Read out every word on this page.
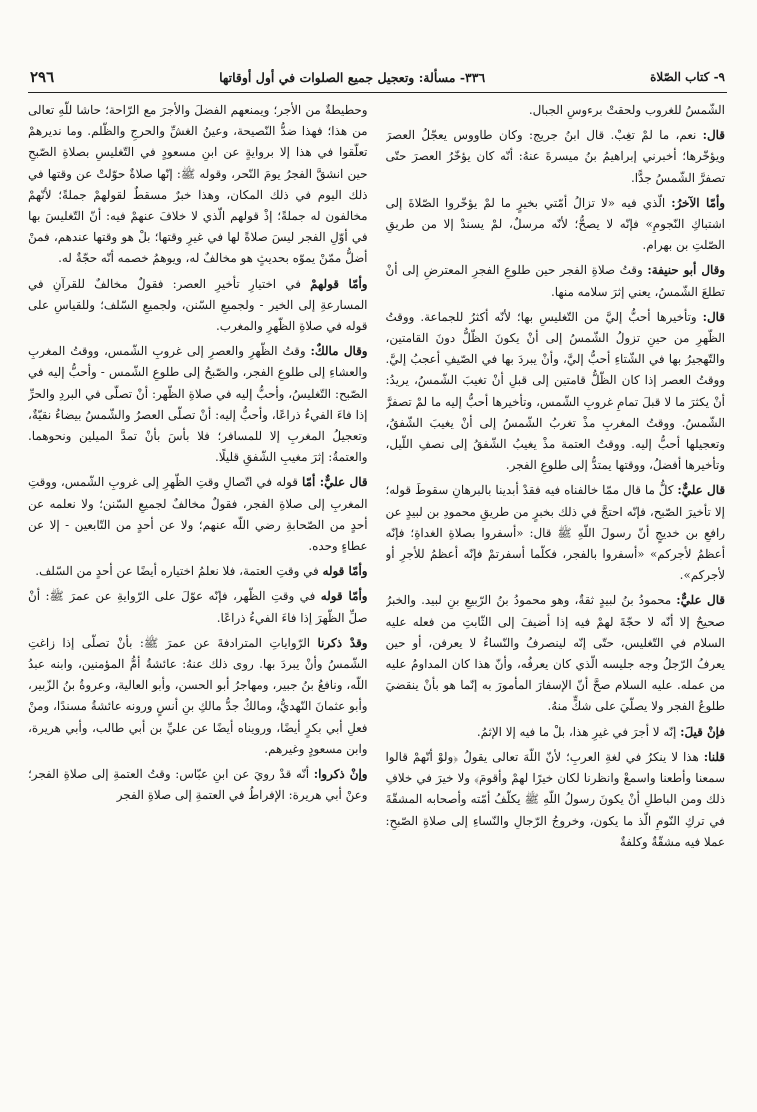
٩- كتاب الصّلاة
٣٣٦- مسألة: وتعجيل جميع الصلوات في أول أوقاتها
٢٩٦

الشّمسُ للغروب ولحقتْ برءوسِ الجبال.

قال: نعم، ما لمْ تغِبْ. قال ابنُ جريج: وكان طاووس يعجّلُ العصرَ ويؤخّرها؛ أخبرني إبراهيمُ بنُ ميسرةَ عنهُ: أنّه كان يؤخّرُ العصرَ حتّى تصفرَّ الشّمسُ جدًّا.

وأمّا الآخرُ: الّذي فيه «لا تزالُ أمّتي بخيرٍ ما لمْ يؤخّروا الصّلاةَ إلى اشتباكِ النّجومِ» فإنّه لا يصحُّ؛ لأنّه مرسلٌ، لمْ يسندْ إلا من طريقِ الصّلتِ بن بهرام.

وقال أبو حنيفة: وقتُ صلاةِ الفجر حين طلوعِ الفجرِ المعترضِ إلى أنْ تطلعَ الشّمسُ، يعني إثرَ سلامه منها.

قال: وتأخيرها أحبُّ إليَّ من التّغليسِ بها؛ لأنّه أكثرُ للجماعة. ووقتُ الظّهرِ من حينِ تزولُ الشّمسُ إلى أنْ يكونَ الظّلُّ دونَ القامتين، والتّهجيرُ بها في الشّتاءِ أحبُّ إليَّ، وأنْ يبردَ بها في الصّيفِ أعجبُ إليَّ. ووقتُ العصر إذا كان الظّلُّ قامتين إلى قبلِ أنْ تغيبَ الشّمسُ، يريدُ: أنْ يكثرَ ما لا قبلَ تمامِ غروبِ الشّمس، وتأخيرها أحبُّ إليه ما لمْ تصفرَّ الشّمسُ. ووقتُ المغربِ مذْ تغربُ الشّمسُ إلى أنْ يغيبَ الشّفقُ، وتعجيلها أحبُّ إليه. ووقتُ العتمة مذْ يغيبُ الشّفقُ إلى نصفِ اللّيل، وتأخيرها أفضلُ، ووقتها يمتدُّ إلى طلوعِ الفجر.

قال عليٌّ: كلُّ ما قال ممّا خالفناه فيه فقدْ أبدينا بالبرهانِ سقوطَ قوله؛ إلا تأخيرَ الصّبح، فإنّه احتجَّ في ذلك بخبرٍ من طريقِ محمودِ بن لبيدٍ عن رافعِ بن خديجٍ أنّ رسولَ اللّهِ ﷺ قال: «أسفروا بصلاةِ الغداةِ؛ فإنّه أعظمُ لأجركم» «أسفروا بالفجر، فكلّما أسفرتمْ فإنّه أعظمُ للأجرِ أو لأجركم».

قال عليٌّ: محمودُ بنُ لبيدٍ ثقةٌ، وهو محمودُ بنُ الرّبيعِ بنِ لبيد. والخبرُ صحيحٌ إلا أنّه لا حجّةَ لهمْ فيه إذا أضيفَ إلى الثّابتِ من فعله عليه السلام في التّغليس، حتّى إنّه لينصرفُ والنّساءُ لا يعرفن، أو حين يعرفُ الرّجلُ وجه جليسه الّذي كان يعرفُه، وأنّ هذا كان المداومُ عليه من عمله. عليه السلام صحَّ أنّ الإسفارَ المأمورَ به إنّما هو بأنْ ينقضيَ طلوعُ الفجر ولا يصلّيَ على شكٍّ منهُ.

فإنْ قيلَ: إنّه لا أجرَ في غيرِ هذا، بلْ ما فيه إلا الإثمُ.

قلنا: هذا لا ينكرُ في لغةِ العربِ؛ لأنّ اللّهَ تعالى يقولُ ﴿ولوْ أنّهمْ قالوا سمعنا وأطعنا واسمعْ وانظرنا لكان خيرًا لهمْ وأقومَ﴾ ولا خيرَ في خلافِ ذلك ومن الباطلِ أنْ يكونَ رسولُ اللّهِ ﷺ يكلّفُ أمّته وأصحابه المشقّةَ في تركِ النّومِ الّذ ما يكون، وخروجُ الرّجالِ والنّساءِ إلى صلاةِ الصّبحِ: عملا فيه مشقّةٌ وكلفةٌ

وحطيطةٌ من الأجر؛ ويمنعهم الفضلَ والأجرَ مع الرّاحة؛ حاشا للّهِ تعالى من هذا؛ فهذا ضدُّ النّصيحة، وعينُ الغشِّ والحرجِ والظّلم. وما نديرهمْ تعلّقوا في هذا إلا بروايةٍ عن ابنِ مسعودٍ في التّغليسِ بصلاةِ الصّبحِ حين انشقَّ الفجرُ يومَ النّحر، وقوله ﷺ: إنّها صلاةٌ حوّلتْ عن وقتها في ذلك اليوم في ذلك المكان، وهذا خبرٌ مسقطٌ لقولهمْ جملةً؛ لأنّهمْ مخالفون له جملةً؛ إذْ قولهم الّذي لا خلافَ عنهمْ فيه: أنّ التّغليسَ بها في أوّلِ الفجر ليسَ صلاةً لها في غيرِ وقتها؛ بلْ هو وقتها عندهم، فمنْ أضلُّ ممّنْ يموّه بحديثٍ هو مخالفٌ له، ويوهمُ خصمه أنّه حجّةٌ له.

وأمّا قولهمْ في اختيارِ تأخيرِ العصر: فقولٌ مخالفٌ للقرآنِ في المسارعةِ إلى الخير - ولجميعِ السّنن، ولجميعِ السّلف؛ وللقياسِ على قوله في صلاةِ الظّهرِ والمغرب.

وقال مالكٌ: وقتُ الظّهرِ والعصرِ إلى غروبِ الشّمس، ووقتُ المغربِ والعشاءِ إلى طلوعِ الفجر، والصّبحُ إلى طلوعِ الشّمس - وأحبُّ إليه في الصّبح: التّغليسُ، وأحبُّ إليه في صلاةِ الظّهر: أنْ تصلّى في البردِ والحرِّ إذا فاءَ الفيءُ ذراعًا، وأحبُّ إليه: أنْ تصلّى العصرُ والشّمسُ بيضاءُ نقيّةٌ، وتعجيلُ المغربِ إلا للمسافر؛ فلا بأسَ بأنْ تمدَّ الميلين ونحوهما. والعتمةُ: إثرَ مغيبِ الشّفقِ قليلًا.

قال عليٌّ: أمّا قوله في اتّصالِ وقتِ الظّهرِ إلى غروبِ الشّمس، ووقتِ المغربِ إلى صلاةِ الفجر، فقولٌ مخالفٌ لجميعِ السّنن؛ ولا نعلمه عن أحدٍ من الصّحابةِ رضي اللّه عنهم؛ ولا عن أحدٍ من التّابعين - إلا عن عطاءٍ وحده.

وأمّا قوله في وقتِ العتمة، فلا نعلمُ اختياره أيضًا عن أحدٍ من السّلف.

وأمّا قوله في وقتِ الظّهر، فإنّه عوّلَ على الرّوايةِ عن عمرَ ﷺ: أنْ صلِّ الظّهرَ إذا فاءَ الفيءُ ذراعًا.

وقدْ ذكرنا الرّواياتِ المترادفةَ عن عمرَ ﷺ: بأنْ تصلّى إذا زاغتِ الشّمسُ وأنْ يبردَ بها. روى ذلك عنهُ: عائشةُ أمُّ المؤمنين، وابنه عبدُ اللّه، ونافعُ بنُ جبير، ومهاجرُ أبو الحسن، وأبو العالية، وعروةُ بنُ الزّبير، وأبو عثمانَ النّهديُّ، ومالكٌ جدُّ مالكِ بنِ أنسٍ ورونه عائشةُ مسندًا، ومنْ فعلِ أبي بكرٍ أيضًا، ورويناه أيضًا عن عليِّ بن أبي طالب، وأبي هريرة، وابن مسعودٍ وغيرهم.

وإنْ ذكروا: أنّه قدْ رويَ عن ابنِ عبّاس: وقتُ العتمةِ إلى صلاةِ الفجر؛ وعنْ أبي هريرة: الإفراطُ في العتمةِ إلى صلاةِ الفجر
